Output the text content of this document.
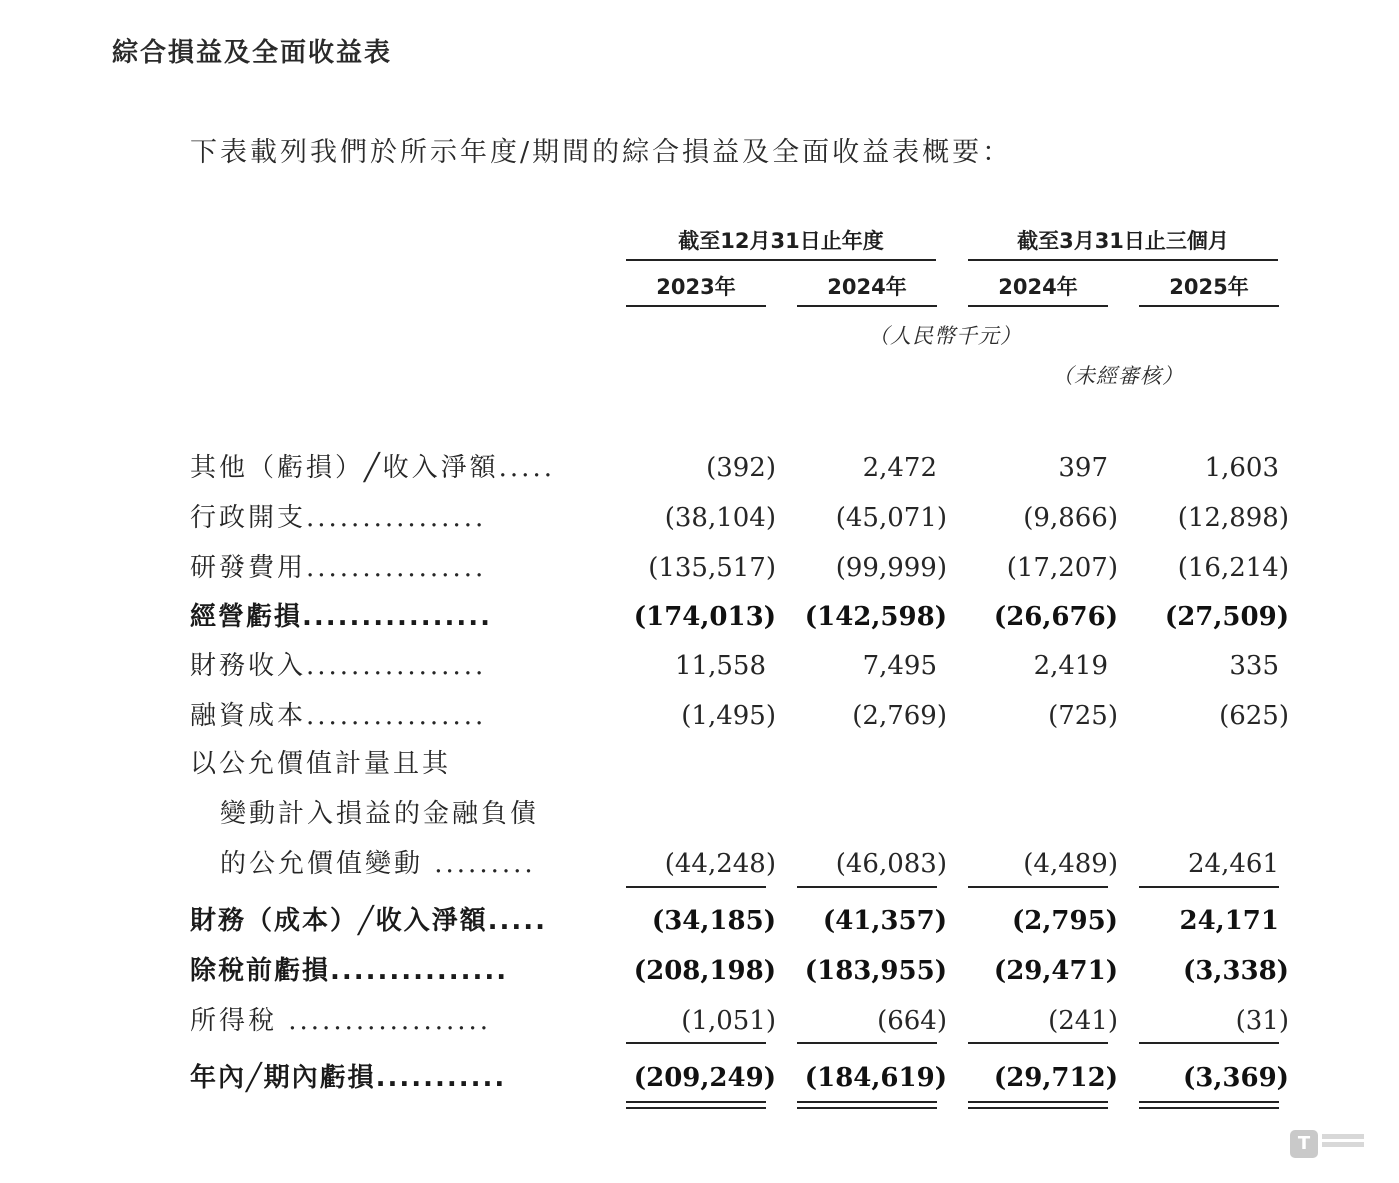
綜合損益及全面收益表
下表載列我們於所示年度/期間的綜合損益及全面收益表概要：
截至12月31日止年度	截至3月31日止三個月
2023年	2024年	2024年	2025年
（人民幣千元）
（未經審核）
其他（虧損）╱收入淨額.....	(392)	2,472	397	1,603
行政開支................	(38,104)	(45,071)	(9,866)	(12,898)
研發費用................	(135,517)	(99,999)	(17,207)	(16,214)
經營虧損................	(174,013)	(142,598)	(26,676)	(27,509)
財務收入................	11,558	7,495	2,419	335
融資成本................	(1,495)	(2,769)	(725)	(625)
以公允價值計量且其
變動計入損益的金融負債
的公允價值變動 .........	(44,248)	(46,083)	(4,489)	24,461
財務（成本）╱收入淨額.....	(34,185)	(41,357)	(2,795)	24,171
除稅前虧損...............	(208,198)	(183,955)	(29,471)	(3,338)
所得稅 ..................	(1,051)	(664)	(241)	(31)
年內╱期內虧損...........	(209,249)	(184,619)	(29,712)	(3,369)
T
